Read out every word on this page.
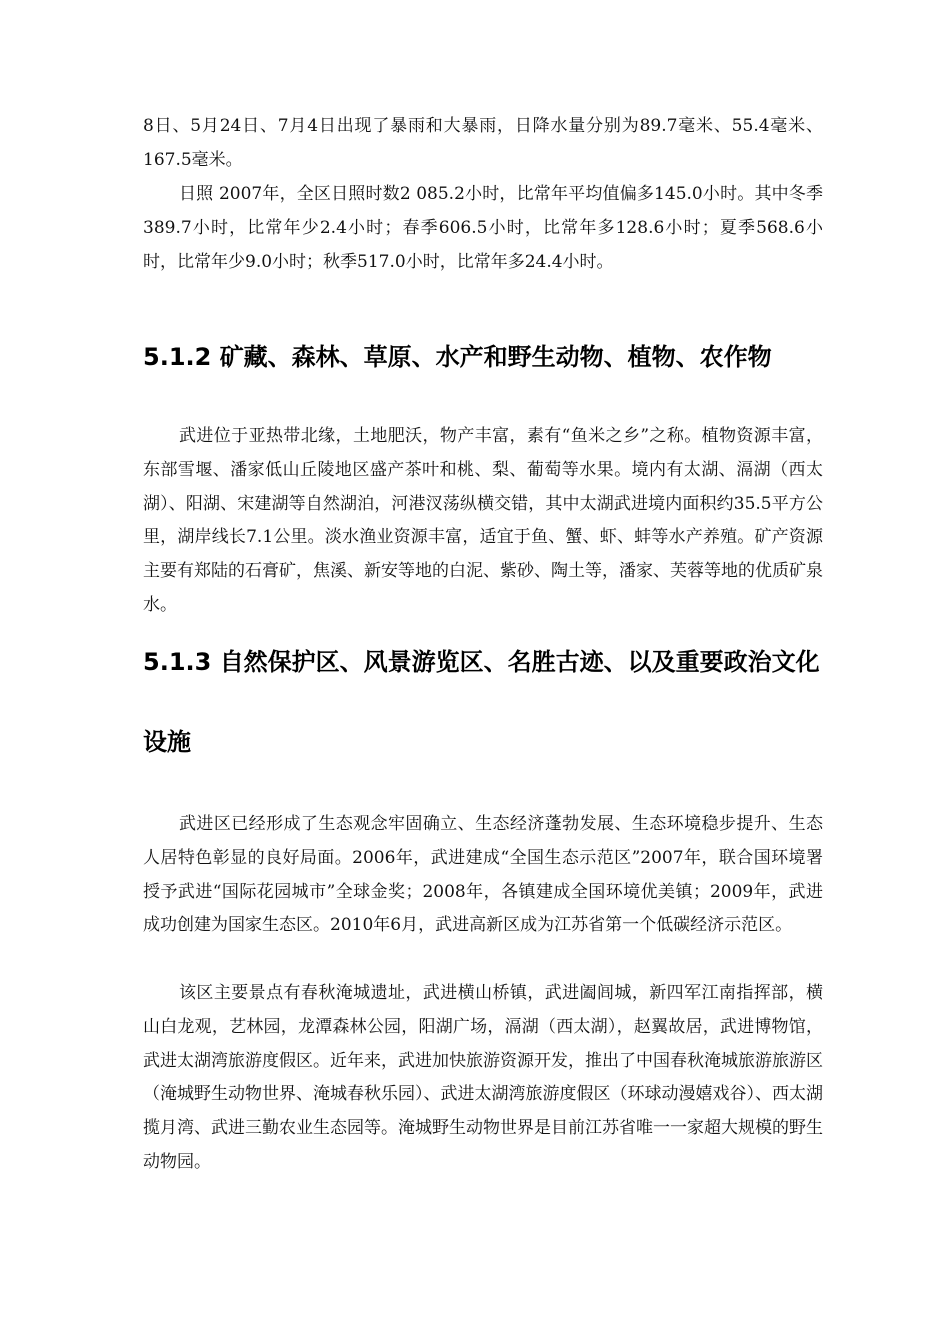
8日、5月24日、7月4日出现了暴雨和大暴雨，日降水量分别为89.7毫米、55.4毫米、167.5毫米。

日照 2007年，全区日照时数2 085.2小时，比常年平均值偏多145.0小时。其中冬季389.7小时，比常年少2.4小时；春季606.5小时，比常年多128.6小时；夏季568.6小时，比常年少9.0小时；秋季517.0小时，比常年多24.4小时。

5.1.2 矿藏、森林、草原、水产和野生动物、植物、农作物

武进位于亚热带北缘，土地肥沃，物产丰富，素有“鱼米之乡”之称。植物资源丰富，东部雪堰、潘家低山丘陵地区盛产茶叶和桃、梨、葡萄等水果。境内有太湖、滆湖（西太湖）、阳湖、宋建湖等自然湖泊，河港汊荡纵横交错，其中太湖武进境内面积约35.5平方公里，湖岸线长7.1公里。淡水渔业资源丰富，适宜于鱼、蟹、虾、蚌等水产养殖。矿产资源主要有郑陆的石膏矿，焦溪、新安等地的白泥、紫砂、陶土等，潘家、芙蓉等地的优质矿泉水。

5.1.3 自然保护区、风景游览区、名胜古迹、以及重要政治文化设施

武进区已经形成了生态观念牢固确立、生态经济蓬勃发展、生态环境稳步提升、生态人居特色彰显的良好局面。2006年，武进建成“全国生态示范区”2007年，联合国环境署授予武进“国际花园城市”全球金奖；2008年，各镇建成全国环境优美镇；2009年，武进成功创建为国家生态区。2010年6月，武进高新区成为江苏省第一个低碳经济示范区。

该区主要景点有春秋淹城遗址，武进横山桥镇，武进阖闾城，新四军江南指挥部，横山白龙观，艺林园，龙潭森林公园，阳湖广场，滆湖（西太湖），赵翼故居，武进博物馆，武进太湖湾旅游度假区。近年来，武进加快旅游资源开发，推出了中国春秋淹城旅游旅游区（淹城野生动物世界、淹城春秋乐园）、武进太湖湾旅游度假区（环球动漫嬉戏谷）、西太湖揽月湾、武进三勤农业生态园等。淹城野生动物世界是目前江苏省唯一一家超大规模的野生动物园。
